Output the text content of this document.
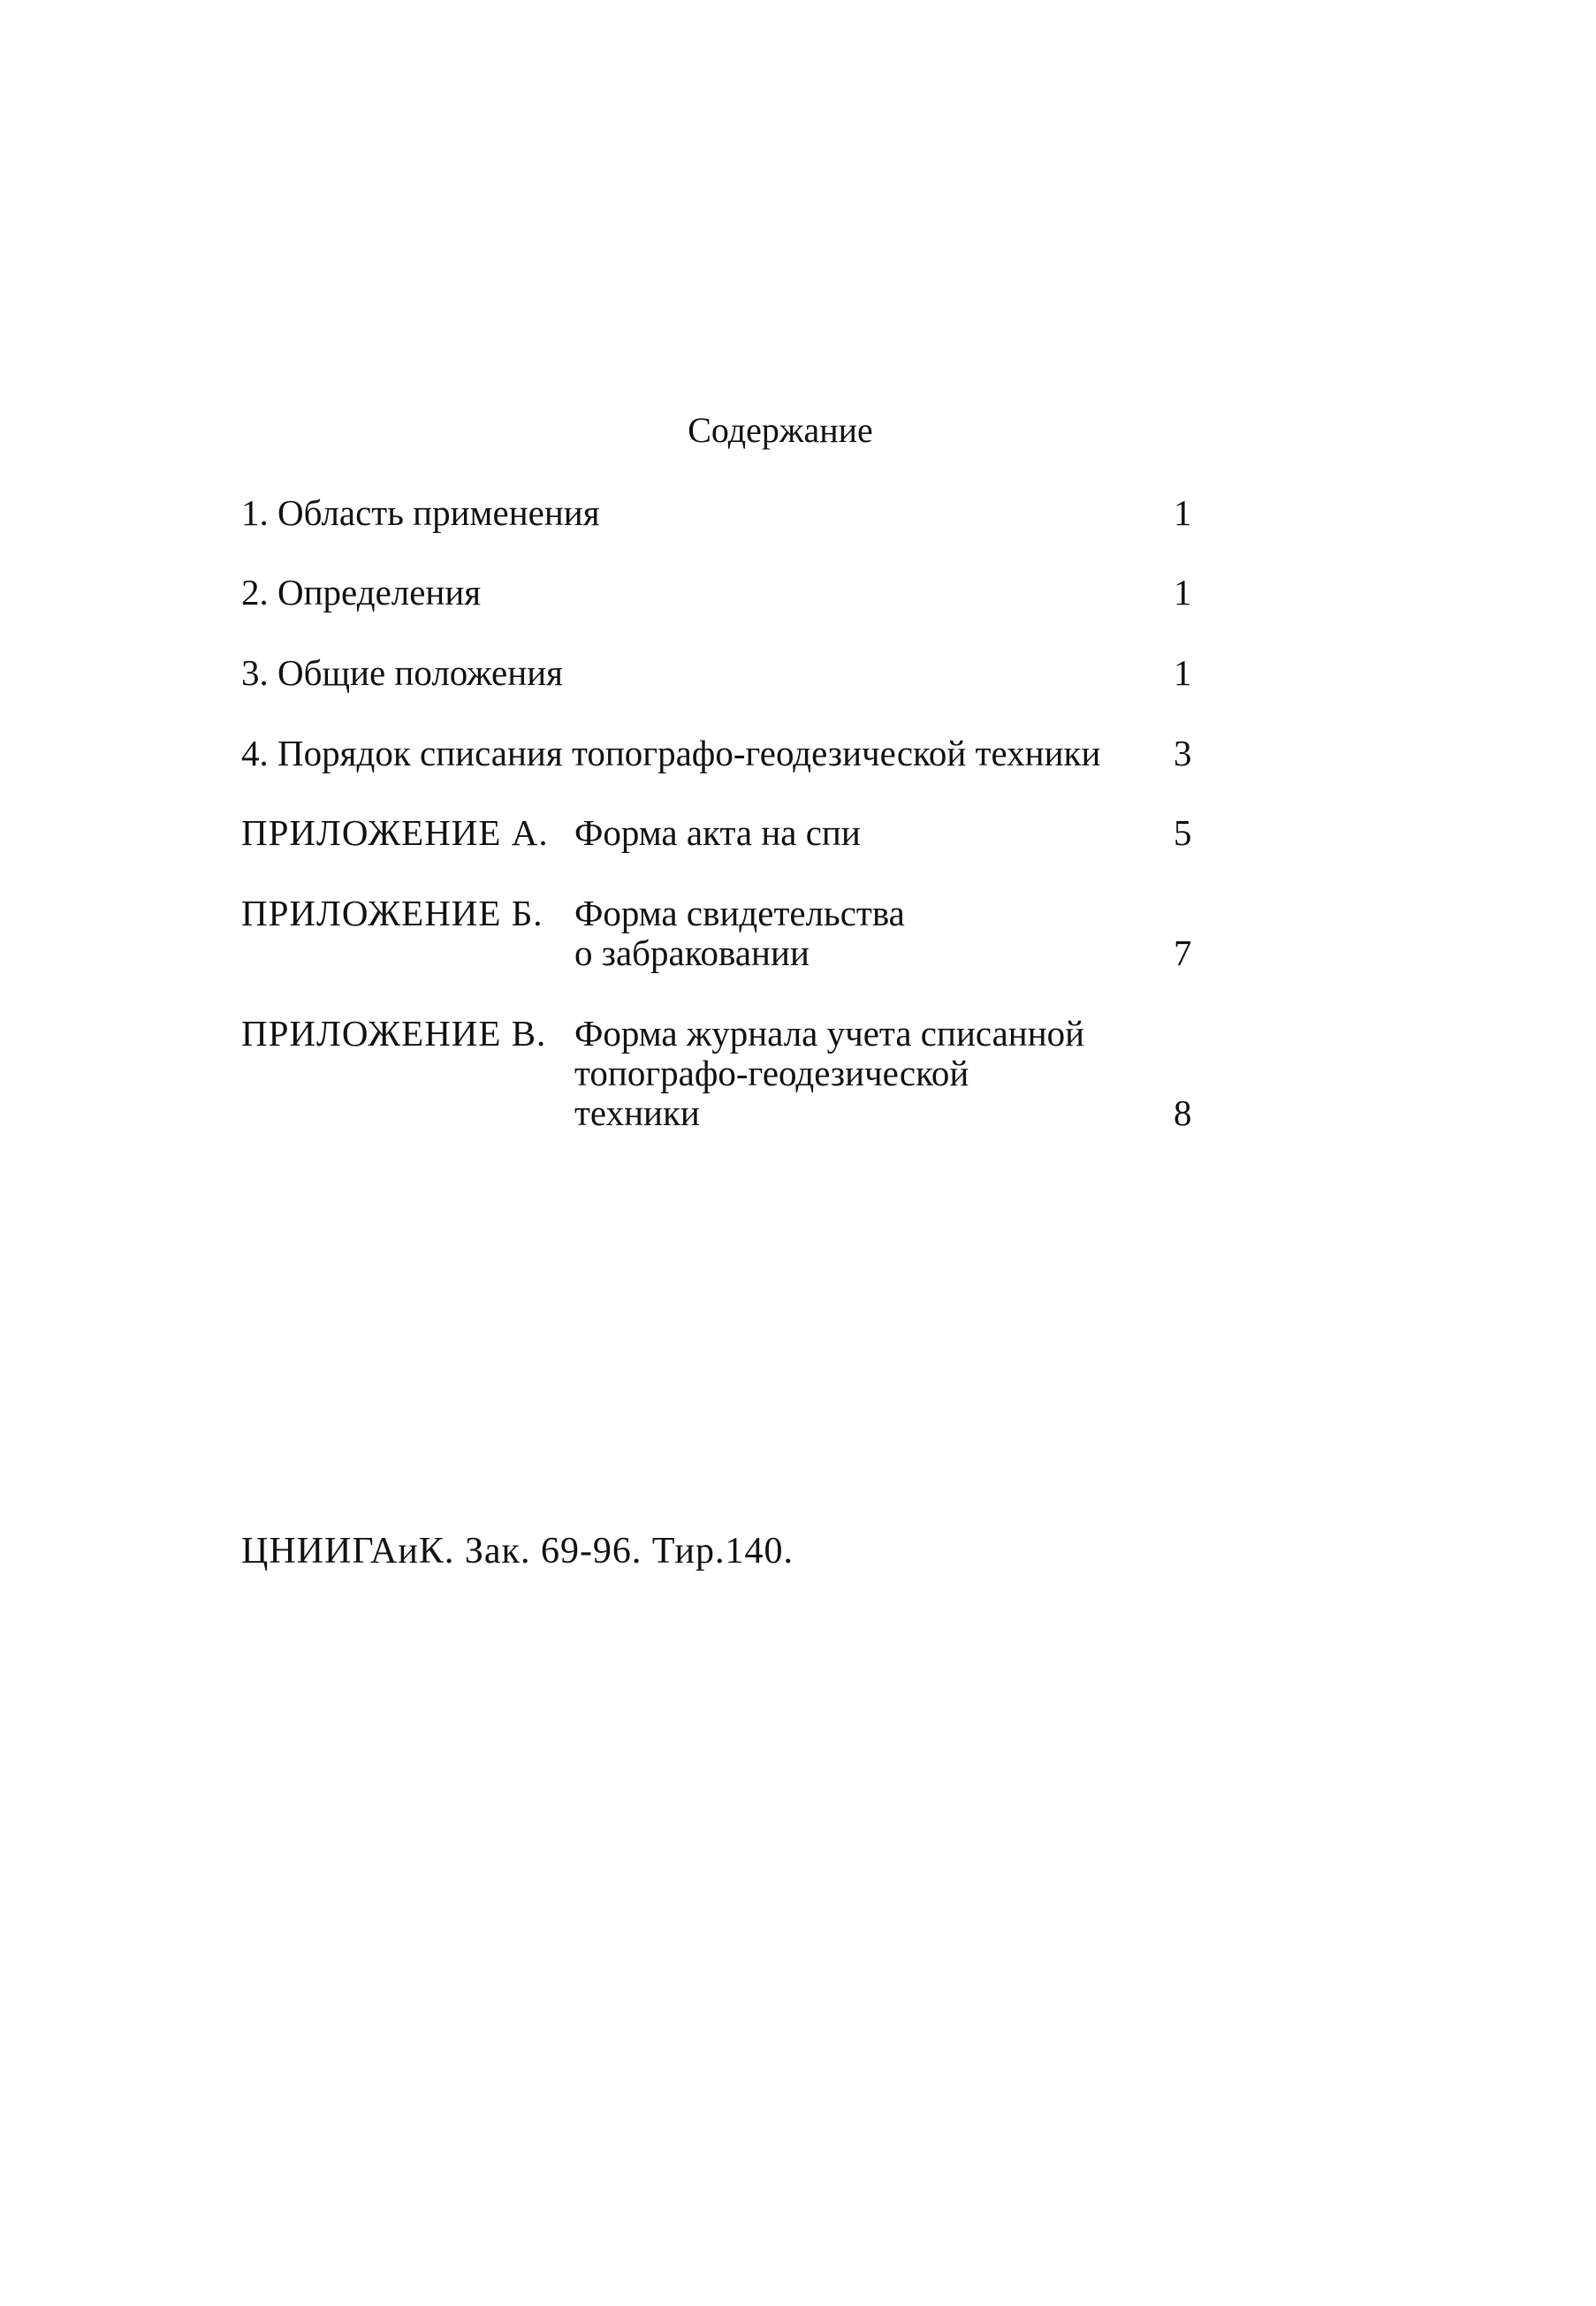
Содержание
1. Область применения	1
2. Определения	1
3. Общие положения	1
4. Порядок списания топографо-геодезической техники 3
ПРИЛОЖЕНИЕ А. Форма акта на спи	5
ПРИЛОЖЕНИЕ Б. Форма свидетельства
о забраковании	7
ПРИЛОЖЕНИЕ В. Форма журнала учета списанной
топографо-геодезической
техники	8
ЦНИИГАиК. Зак. 69-96. Тир.140.
